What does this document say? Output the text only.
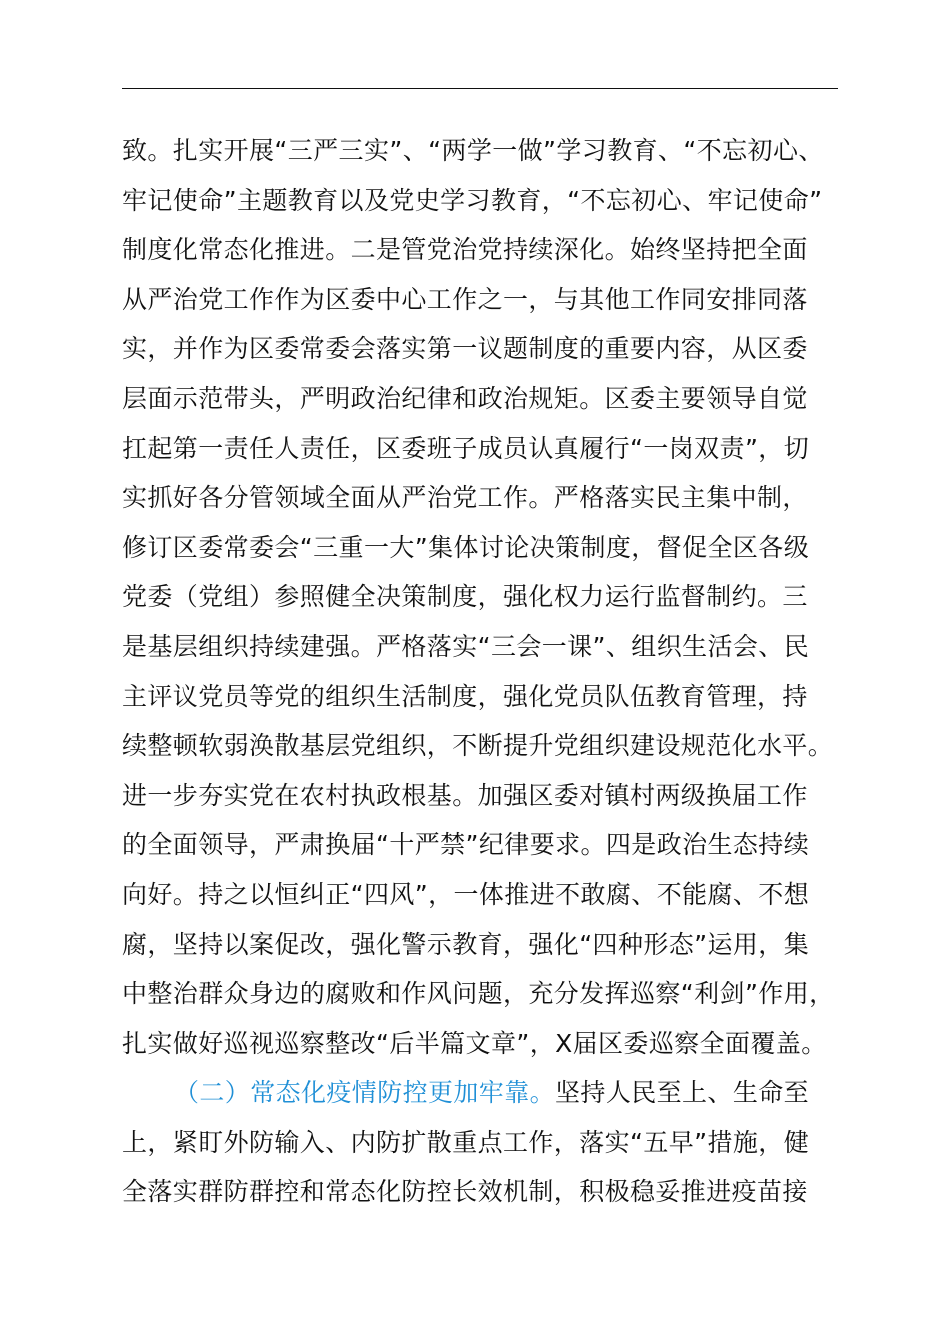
致。扎实开展“三严三实”、“两学一做”学习教育、“不忘初心、
牢记使命”主题教育以及党史学习教育，“不忘初心、牢记使命”
制度化常态化推进。二是管党治党持续深化。始终坚持把全面
从严治党工作作为区委中心工作之一，与其他工作同安排同落
实，并作为区委常委会落实第一议题制度的重要内容，从区委
层面示范带头，严明政治纪律和政治规矩。区委主要领导自觉
扛起第一责任人责任，区委班子成员认真履行“一岗双责”，切
实抓好各分管领域全面从严治党工作。严格落实民主集中制，
修订区委常委会“三重一大”集体讨论决策制度，督促全区各级
党委（党组）参照健全决策制度，强化权力运行监督制约。三
是基层组织持续建强。严格落实“三会一课”、组织生活会、民
主评议党员等党的组织生活制度，强化党员队伍教育管理，持
续整顿软弱涣散基层党组织，不断提升党组织建设规范化水平。
进一步夯实党在农村执政根基。加强区委对镇村两级换届工作
的全面领导，严肃换届“十严禁”纪律要求。四是政治生态持续
向好。持之以恒纠正“四风”，一体推进不敢腐、不能腐、不想
腐，坚持以案促改，强化警示教育，强化“四种形态”运用，集
中整治群众身边的腐败和作风问题，充分发挥巡察“利剑”作用，
扎实做好巡视巡察整改“后半篇文章”，X届区委巡察全面覆盖。
（二）常态化疫情防控更加牢靠。坚持人民至上、生命至
上，紧盯外防输入、内防扩散重点工作，落实“五早”措施，健
全落实群防群控和常态化防控长效机制，积极稳妥推进疫苗接
